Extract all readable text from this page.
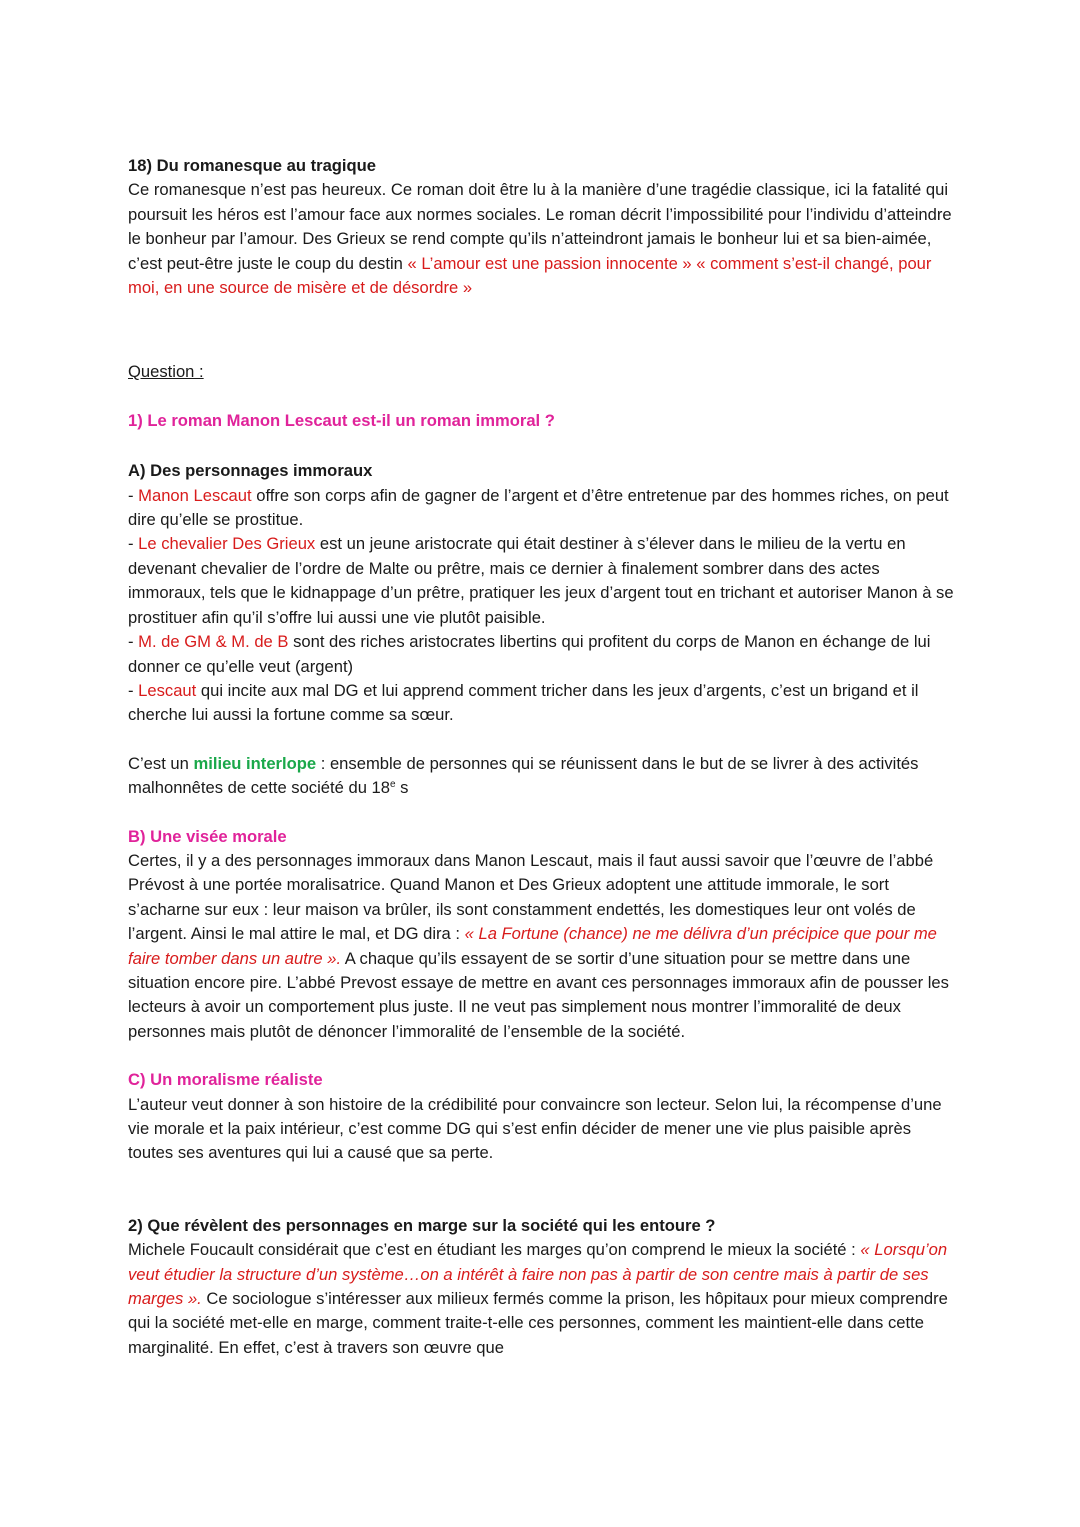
18) Du romanesque au tragique

Ce romanesque n’est pas heureux. Ce roman doit être lu à la manière d’une tragédie classique, ici la fatalité qui poursuit les héros est l’amour face aux normes sociales. Le roman décrit l’impossibilité pour l’individu d’atteindre le bonheur par l’amour. Des Grieux se rend compte qu’ils n’atteindront jamais le bonheur lui et sa bien-aimée, c’est peut-être juste le coup du destin « L’amour est une passion innocente » « comment s’est-il changé, pour moi, en une source de misère et de désordre »

Question :

1) Le roman Manon Lescaut est-il un roman immoral ?

A) Des personnages immoraux

- Manon Lescaut offre son corps afin de gagner de l’argent et d’être entretenue par des hommes riches, on peut dire qu’elle se prostitue.

- Le chevalier Des Grieux est un jeune aristocrate qui était destiner à s’élever dans le milieu de la vertu en devenant chevalier de l’ordre de Malte ou prêtre, mais ce dernier à finalement sombrer dans des actes immoraux, tels que le kidnappage d’un prêtre, pratiquer les jeux d’argent tout en trichant et autoriser Manon à se prostituer afin qu’il s’offre lui aussi une vie plutôt paisible.

- M. de GM & M. de B sont des riches aristocrates libertins qui profitent du corps de Manon en échange de lui donner ce qu’elle veut (argent)

- Lescaut qui incite aux mal DG et lui apprend comment tricher dans les jeux d’argents, c’est un brigand et il cherche lui aussi la fortune comme sa sœur.

C’est un milieu interlope : ensemble de personnes qui se réunissent dans le but de se livrer à des activités malhonnêtes de cette société du 18e s

B) Une visée morale

Certes, il y a des personnages immoraux dans Manon Lescaut, mais il faut aussi savoir que l’œuvre de l’abbé Prévost à une portée moralisatrice. Quand Manon et Des Grieux adoptent une attitude immorale, le sort s’acharne sur eux : leur maison va brûler, ils sont constamment endettés, les domestiques leur ont volés de l’argent. Ainsi le mal attire le mal, et DG dira : « La Fortune (chance) ne me délivra d’un précipice que pour me faire tomber dans un autre ». A chaque qu’ils essayent de se sortir d’une situation pour se mettre dans une situation encore pire. L’abbé Prevost essaye de mettre en avant ces personnages immoraux afin de pousser les lecteurs à avoir un comportement plus juste. Il ne veut pas simplement nous montrer l’immoralité de deux personnes mais plutôt de dénoncer l’immoralité de l’ensemble de la société.

C) Un moralisme réaliste

L’auteur veut donner à son histoire de la crédibilité pour convaincre son lecteur. Selon lui, la récompense d’une vie morale et la paix intérieur, c’est comme DG qui s’est enfin décider de mener une vie plus paisible après toutes ses aventures qui lui a causé que sa perte.

2) Que révèlent des personnages en marge sur la société qui les entoure ?

Michele Foucault considérait que c’est en étudiant les marges qu’on comprend le mieux la société : « Lorsqu’on veut étudier la structure d’un système…on a intérêt à faire non pas à partir de son centre mais à partir de ses marges ». Ce sociologue s’intéresser aux milieux fermés comme la prison, les hôpitaux pour mieux comprendre qui la société met-elle en marge, comment traite-t-elle ces personnes, comment les maintient-elle dans cette marginalité. En effet, c’est à travers son œuvre que
